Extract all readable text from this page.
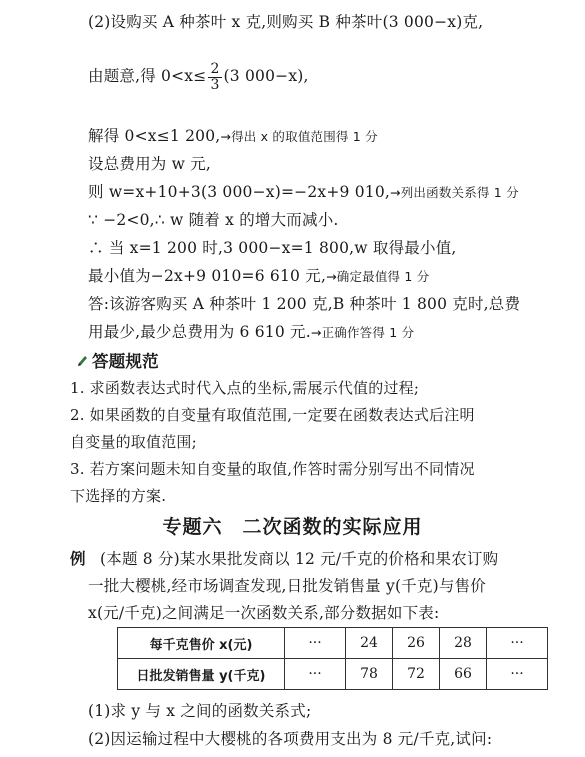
(2)设购买 A 种茶叶 x 克,则购买 B 种茶叶(3 000−x)克,
由题意,得 $0<x\le \frac{2}{3} (3$ 000−x),
解得 0<x≤1 200,→得出 x 的取值范围得 1 分
设总费用为 w 元,
则 w=x+10+3(3 000−x)=−2x+9 010,→列出函数关系得 1 分
∵ −2<0,∴ w 随着 x 的增大而减小.
∴ 当 x=1 200 时,3 000−x=1 800,w 取得最小值,
最小值为−2x+9 010=6 610 元,→确定最值得 1 分
答:该游客购买 A 种茶叶 1 200 克,B 种茶叶 1 800 克时,总费
用最少,最少总费用为 6 610 元.→正确作答得 1 分
答题规范
1. 求函数表达式时代入点的坐标,需展示代值的过程;
2. 如果函数的自变量有取值范围,一定要在函数表达式后注明
自变量的取值范围;
3. 若方案问题未知自变量的取值,作答时需分别写出不同情况
下选择的方案.
专题六　二次函数的实际应用
例 (本题 8 分)某水果批发商以 12 元/千克的价格和果农订购
一批大樱桃,经市场调查发现,日批发销售量 y(千克)与售价
x(元/千克)之间满足一次函数关系,部分数据如下表:
每千克售价 x(元)	···	24	26	28	···
日批发销售量 y(千克)	···	78	72	66	···
(1)求 y 与 x 之间的函数关系式;
(2)因运输过程中大樱桃的各项费用支出为 8 元/千克,试问:
